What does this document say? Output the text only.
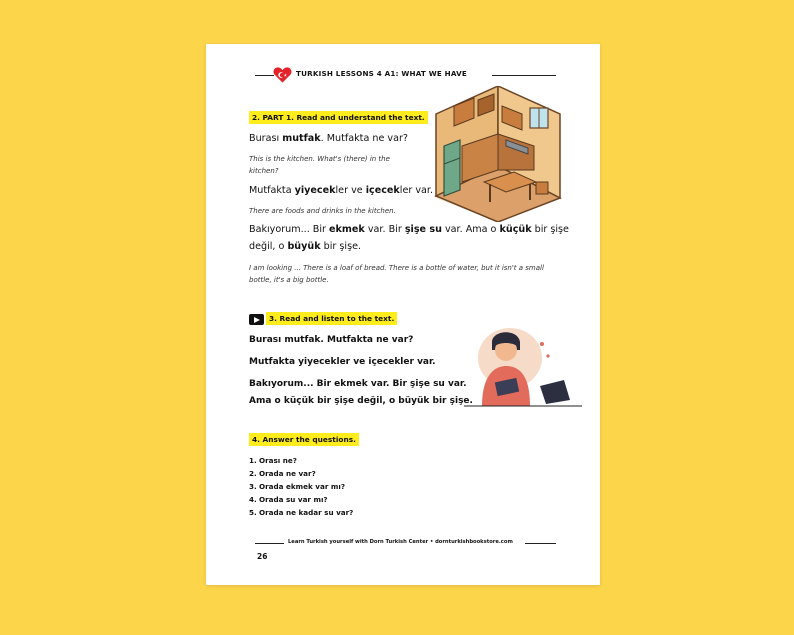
TURKISH LESSONS 4 A1: WHAT WE HAVE
2. PART 1. Read and understand the text.
Burası mutfak. Mutfakta ne var?
This is the kitchen. What's (there) in the
kitchen?
Mutfakta yiyecekler ve içecekler var.
There are foods and drinks in the kitchen.
Bakıyorum... Bir ekmek var. Bir şişe su var. Ama o küçük bir şişe
değil, o büyük bir şişe.
I am looking ... There is a loaf of bread. There is a bottle of water, but it isn't a small
bottle, it's a big bottle.
3. Read and listen to the text.
Burası mutfak. Mutfakta ne var?
Mutfakta yiyecekler ve içecekler var.
Bakıyorum... Bir ekmek var. Bir şişe su var.
Ama o küçük bir şişe değil, o büyük bir şişe.
4. Answer the questions.
1. Orası ne?
2. Orada ne var?
3. Orada ekmek var mı?
4. Orada su var mı?
5. Orada ne kadar su var?
Learn Turkish yourself with Dorn Turkish Center • dornturkishbookstore.com
26
